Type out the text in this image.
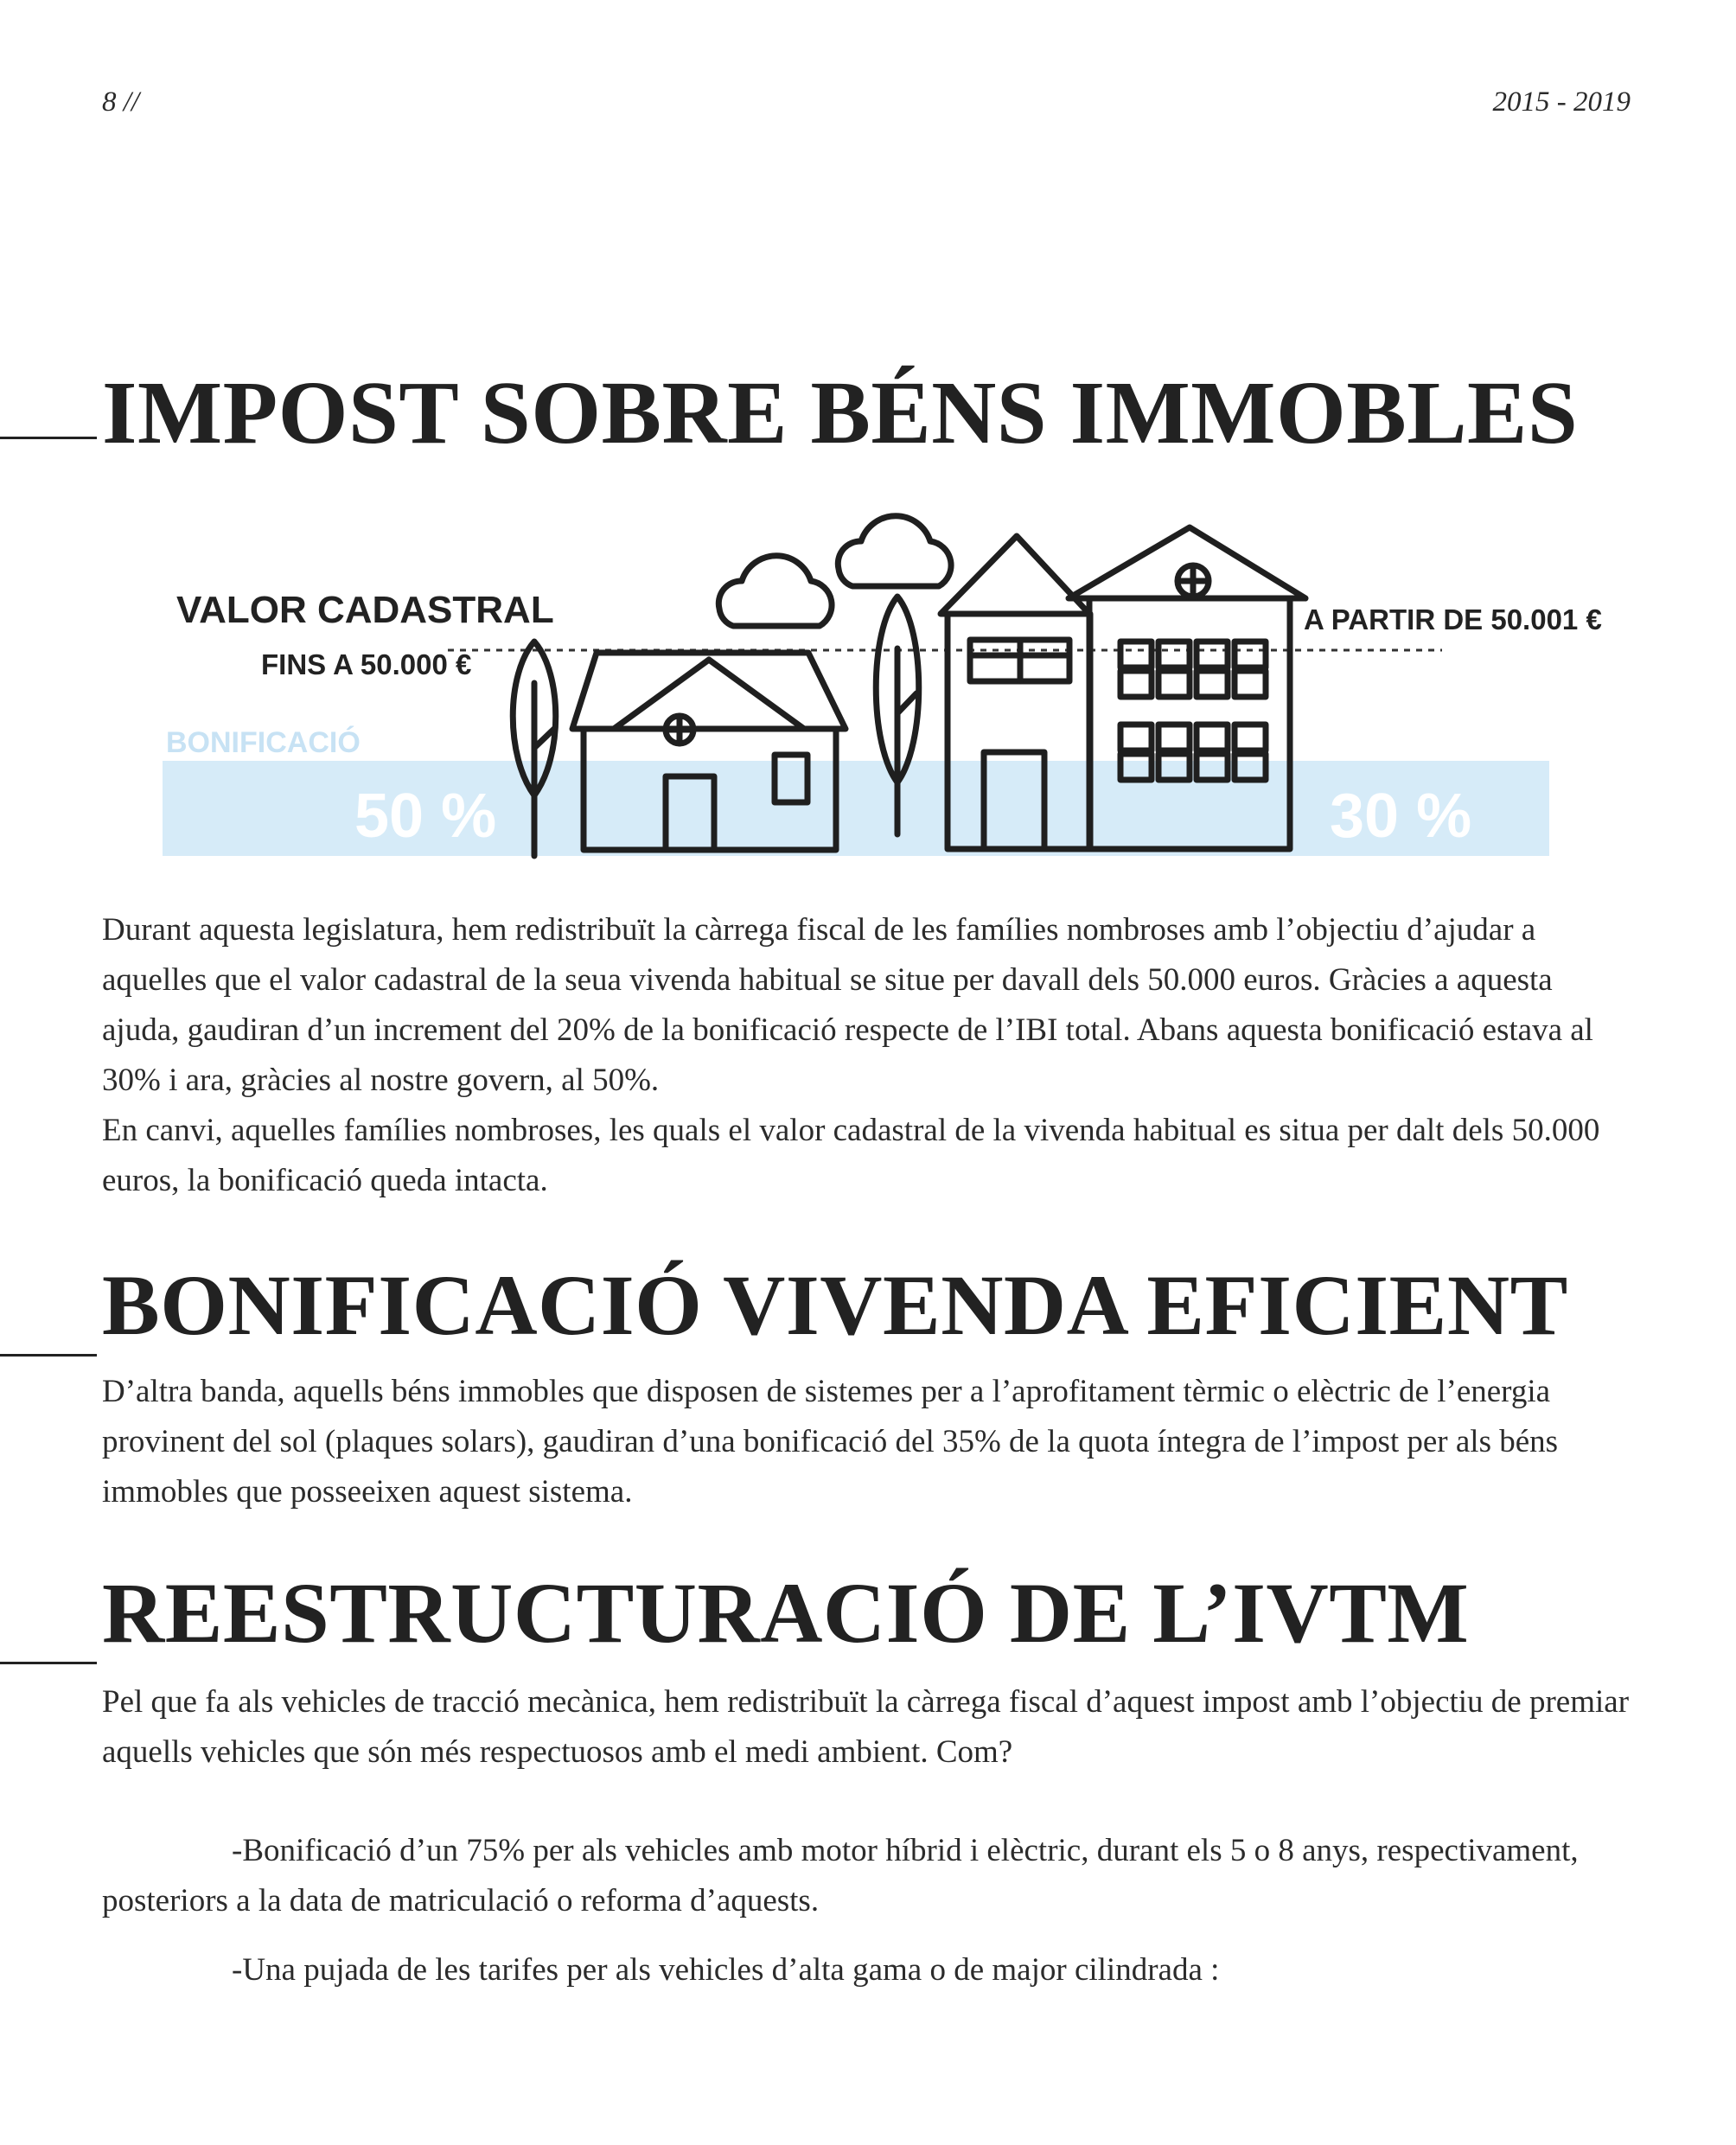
8 //	2015 - 2019
IMPOST SOBRE BÉNS IMMOBLES
BONIFICACIÓ
50 %	30 %
VALOR CADASTRAL
FINS A 50.000 €
A PARTIR DE 50.001 €

Durant aquesta legislatura, hem redistribuït la càrrega fiscal de les famílies nombroses amb l’objectiu d’ajudar a aquelles que el valor cadastral de la seua vivenda habitual se situe per davall dels 50.000 euros. Gràcies a aquesta ajuda, gaudiran d’un increment del 20% de la bonificació respecte de l’IBI total. Abans aquesta bonificació estava al 30% i ara, gràcies al nostre govern, al 50%.

En canvi, aquelles famílies nombroses, les quals el valor cadastral de la vivenda habitual es situa per dalt dels 50.000 euros, la bonificació queda intacta.

BONIFICACIÓ VIVENDA EFICIENT

D’altra banda, aquells béns immobles que disposen de sistemes per a l’aprofitament tèrmic o elèctric de l’energia provinent del sol (plaques solars), gaudiran d’una bonificació del 35% de la quota íntegra de l’impost per als béns immobles que posseeixen aquest sistema.

REESTRUCTURACIÓ DE L’IVTM

Pel que fa als vehicles de tracció mecànica, hem redistribuït la càrrega fiscal d’aquest impost amb l’objectiu de premiar aquells vehicles que són més respectuosos amb el medi ambient. Com?

-Bonificació d’un 75% per als vehicles amb motor híbrid i elèctric, durant els 5 o 8 anys, respectivament, posteriors a la data de matriculació o reforma d’aquests.

-Una pujada de les tarifes per als vehicles d’alta gama o de major cilindrada :
